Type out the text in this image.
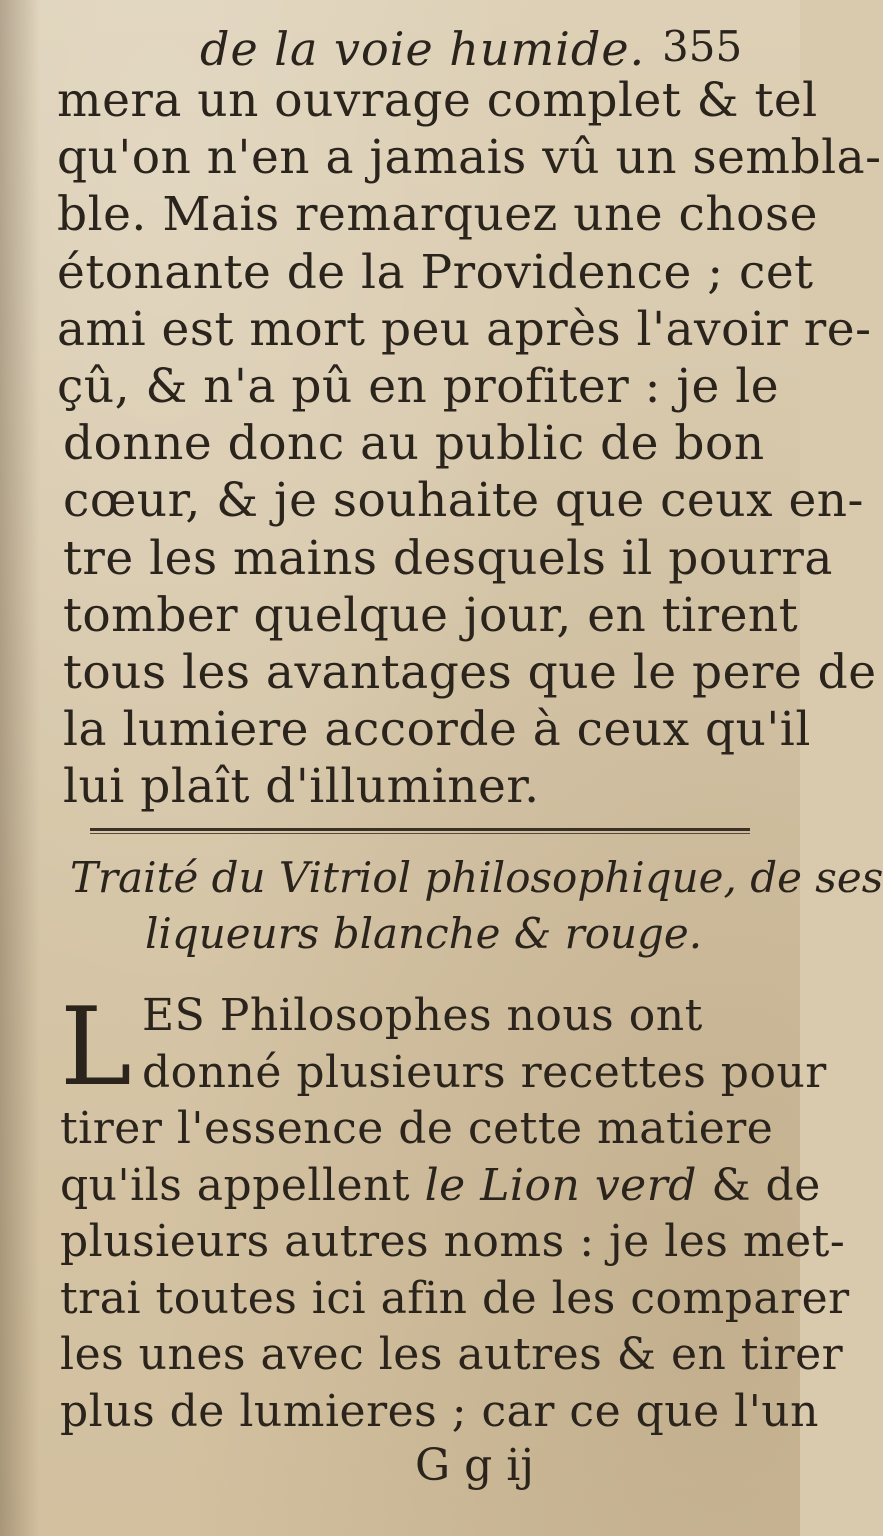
de la voie humide. 355
mera un ouvrage complet & tel
qu'on n'en a jamais vû un sembla-
ble. Mais remarquez une chose
étonante de la Providence ; cet
ami est mort peu après l'avoir re-
çû, & n'a pû en profiter : je le
donne donc au public de bon
cœur, & je souhaite que ceux en-
tre les mains desquels il pourra
tomber quelque jour, en tirent
tous les avantages que le pere de
la lumiere accorde à ceux qu'il
lui plaît d'illuminer.
Traité du Vitriol philosophique, de ses
liqueurs blanche & rouge.
L ES Philosophes nous ont
donné plusieurs recettes pour
tirer l'essence de cette matiere
qu'ils appellent le Lion verd & de
plusieurs autres noms : je les met-
trai toutes ici afin de les comparer
les unes avec les autres & en tirer
plus de lumieres ; car ce que l'un
G g ij
